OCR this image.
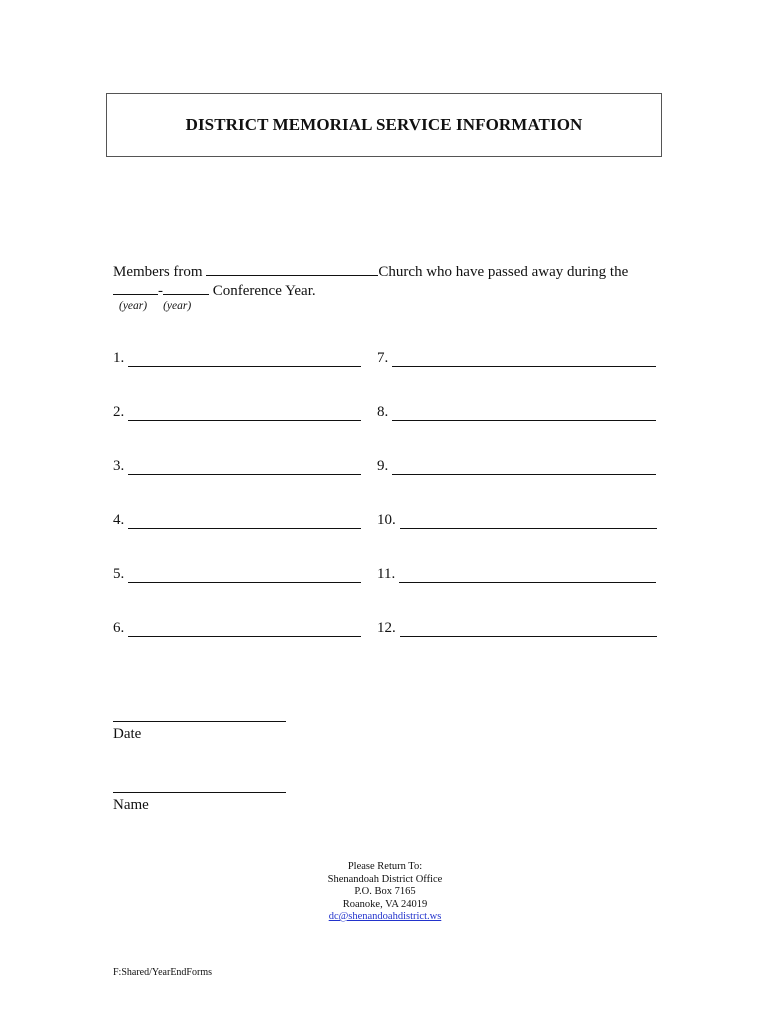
DISTRICT MEMORIAL SERVICE INFORMATION
Members from	Church who have passed away during the
-	Conference Year.
(year) (year)
1.
2.
3.
4.
5.
6.
7.
8.
9.
10.
11.
12.
Date
Name
Please Return To:
Shenandoah District Office
P.O. Box 7165
Roanoke, VA 24019
dc@shenandoahdistrict.ws
F:Shared/YearEndForms
